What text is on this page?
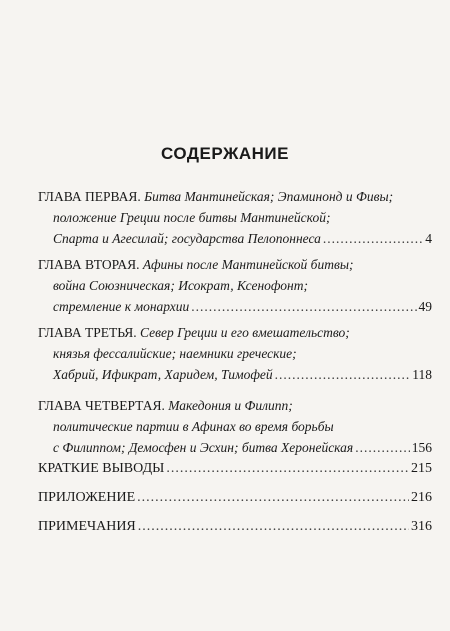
СОДЕРЖАНИЕ
ГЛАВА ПЕРВАЯ. Битва Мантинейская; Эпаминонд и Фивы;
положение Греции после битвы Мантинейской;
Спарта и Агесилай; государства Пелопоннеса .....	4
ГЛАВА ВТОРАЯ. Афины после Мантинейской битвы;
война Союзническая; Исократ, Ксенофонт;
стремление к монархии .....	49
ГЛАВА ТРЕТЬЯ. Север Греции и его вмешательство;
князья фессалийские; наемники греческие;
Хабрий, Ификрат, Харидем, Тимофей .....	118
ГЛАВА ЧЕТВЕРТАЯ. Македония и Филипп;
политические партии в Афинах во время борьбы
с Филиппом; Демосфен и Эсхин; битва Херонейская .....	156
КРАТКИЕ ВЫВОДЫ .....	215
ПРИЛОЖЕНИЕ .....	216
ПРИМЕЧАНИЯ .....	316
